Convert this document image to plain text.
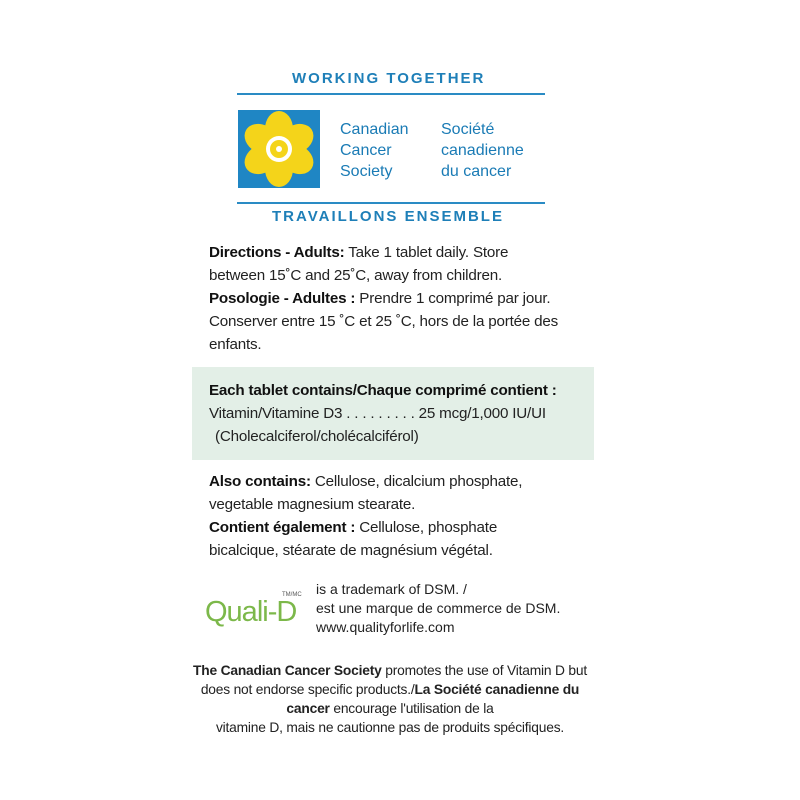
WORKING TOGETHER
Canadian
Cancer
Society
Société
canadienne
du cancer
TRAVAILLONS ENSEMBLE
Directions - Adults: Take 1 tablet daily. Store
between 15˚C and 25˚C, away from children.
Posologie - Adultes : Prendre 1 comprimé par jour.
Conserver entre 15 ˚C et 25 ˚C, hors de la portée des
enfants.
Each tablet contains/Chaque comprimé contient :
Vitamin/Vitamine D3 . . . . . . . . . 25 mcg/1,000 IU/UI
(Cholecalciferol/cholécalciférol)
Also contains: Cellulose, dicalcium phosphate,
vegetable magnesium stearate.
Contient également : Cellulose, phosphate
bicalcique, stéarate de magnésium végétal.
TM/MC
Quali-D
is a trademark of DSM. /
est une marque de commerce de DSM.
www.qualityforlife.com
The Canadian Cancer Society promotes the use of Vitamin D but
does not endorse specific products./La Société canadienne du
cancer encourage l'utilisation de la
vitamine D, mais ne cautionne pas de produits spécifiques.
